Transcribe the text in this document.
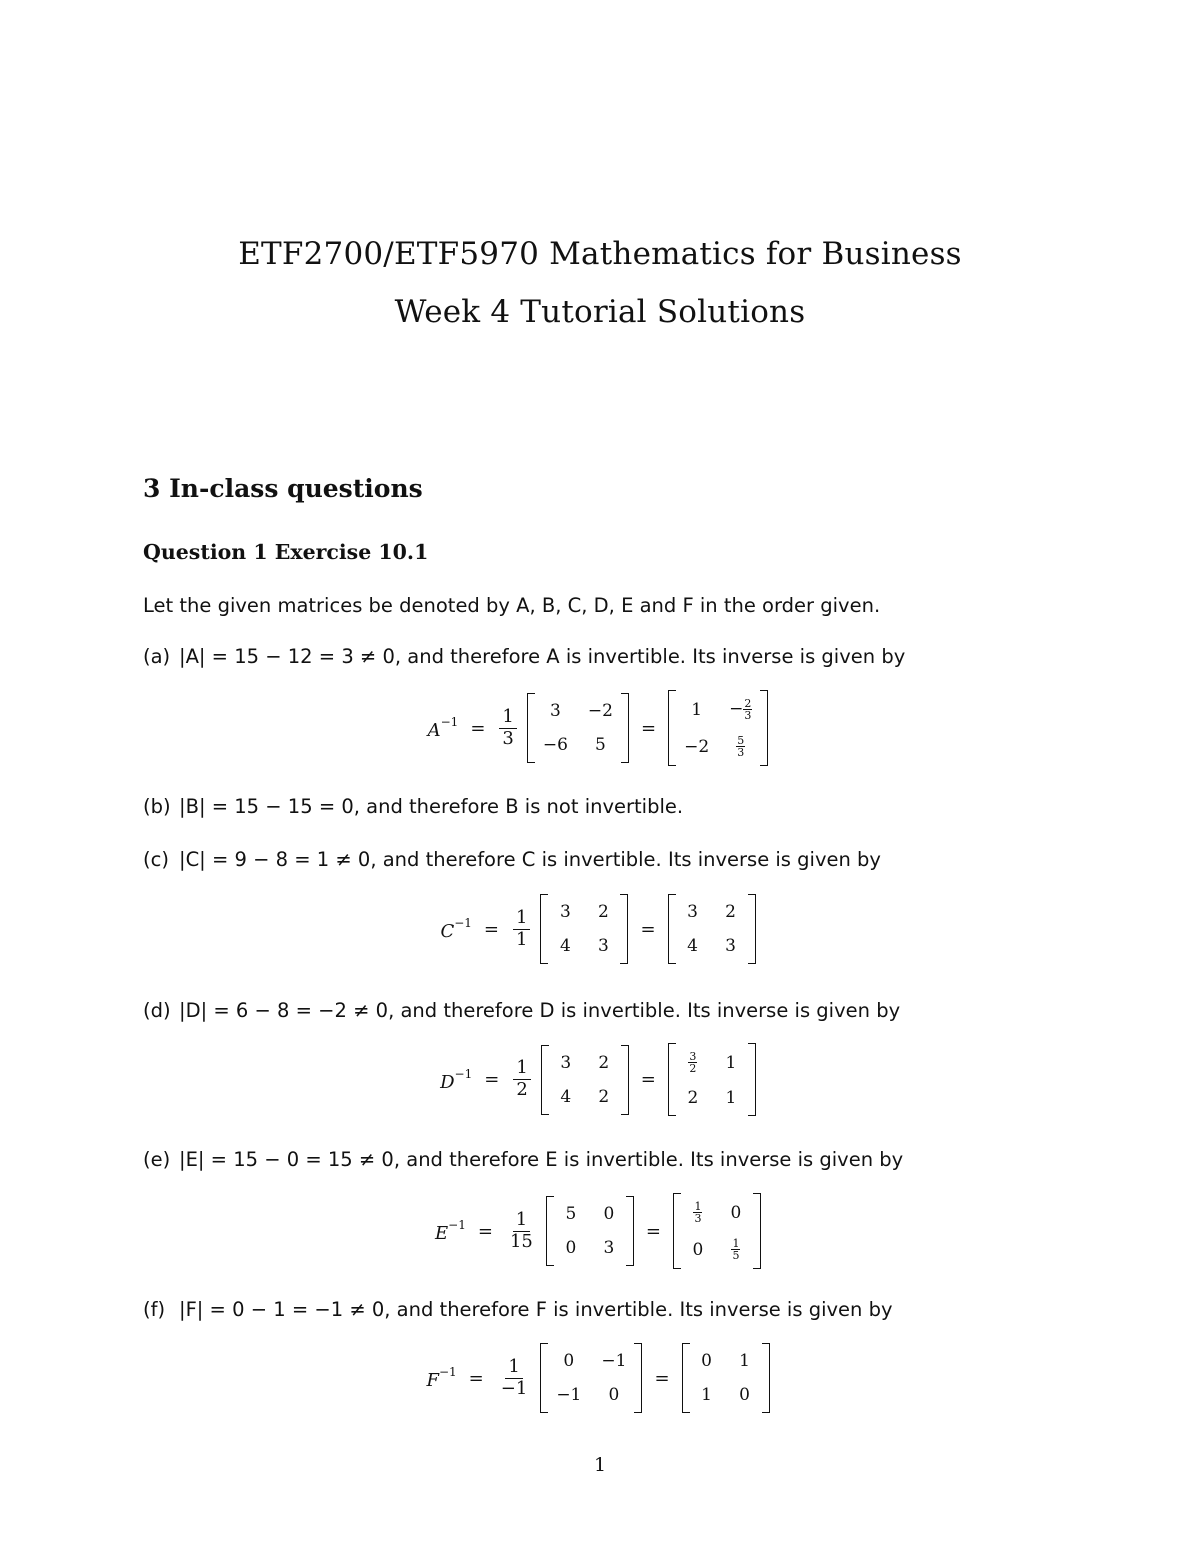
ETF2700/ETF5970 Mathematics for Business
Week 4 Tutorial Solutions
3 In-class questions
Question 1 Exercise 10.1
Let the given matrices be denoted by A, B, C, D, E and F in the order given.
(a) |A| = 15 − 12 = 3 ≠ 0, and therefore A is invertible. Its inverse is given by
$A^{-1} = \frac{1}{3} 3 -2$
−6 5
=
$1 - \frac{2}{3}$
$-2 \frac{5}{3}$
(b) |B| = 15 − 15 = 0, and therefore B is not invertible.
(c) |C| = 9 − 8 = 1 ≠ 0, and therefore C is invertible. Its inverse is given by
$C^{-1} = \frac{1}{1} 3$ 2
4 3
=
3 2
4 3
(d) |D| = 6 − 8 = −2 ≠ 0, and therefore D is invertible. Its inverse is given by
$D^{-1} = \frac{1}{2} 3$ 2
4 2
=
$\frac{3}{2} 1$
2 1
(e) |E| = 15 − 0 = 15 ≠ 0, and therefore E is invertible. Its inverse is given by
$E^{-1} = \frac{1}{15} 5$ 0
0 3
=
$\frac{1}{3} 0$
0	$\frac{1}{5}$
(f) |F| = 0 − 1 = −1 ≠ 0, and therefore F is invertible. Its inverse is given by
$F^{-1} = \frac{1}{-1} 0 -1$
−1 0
=
0 1
1 0
1
